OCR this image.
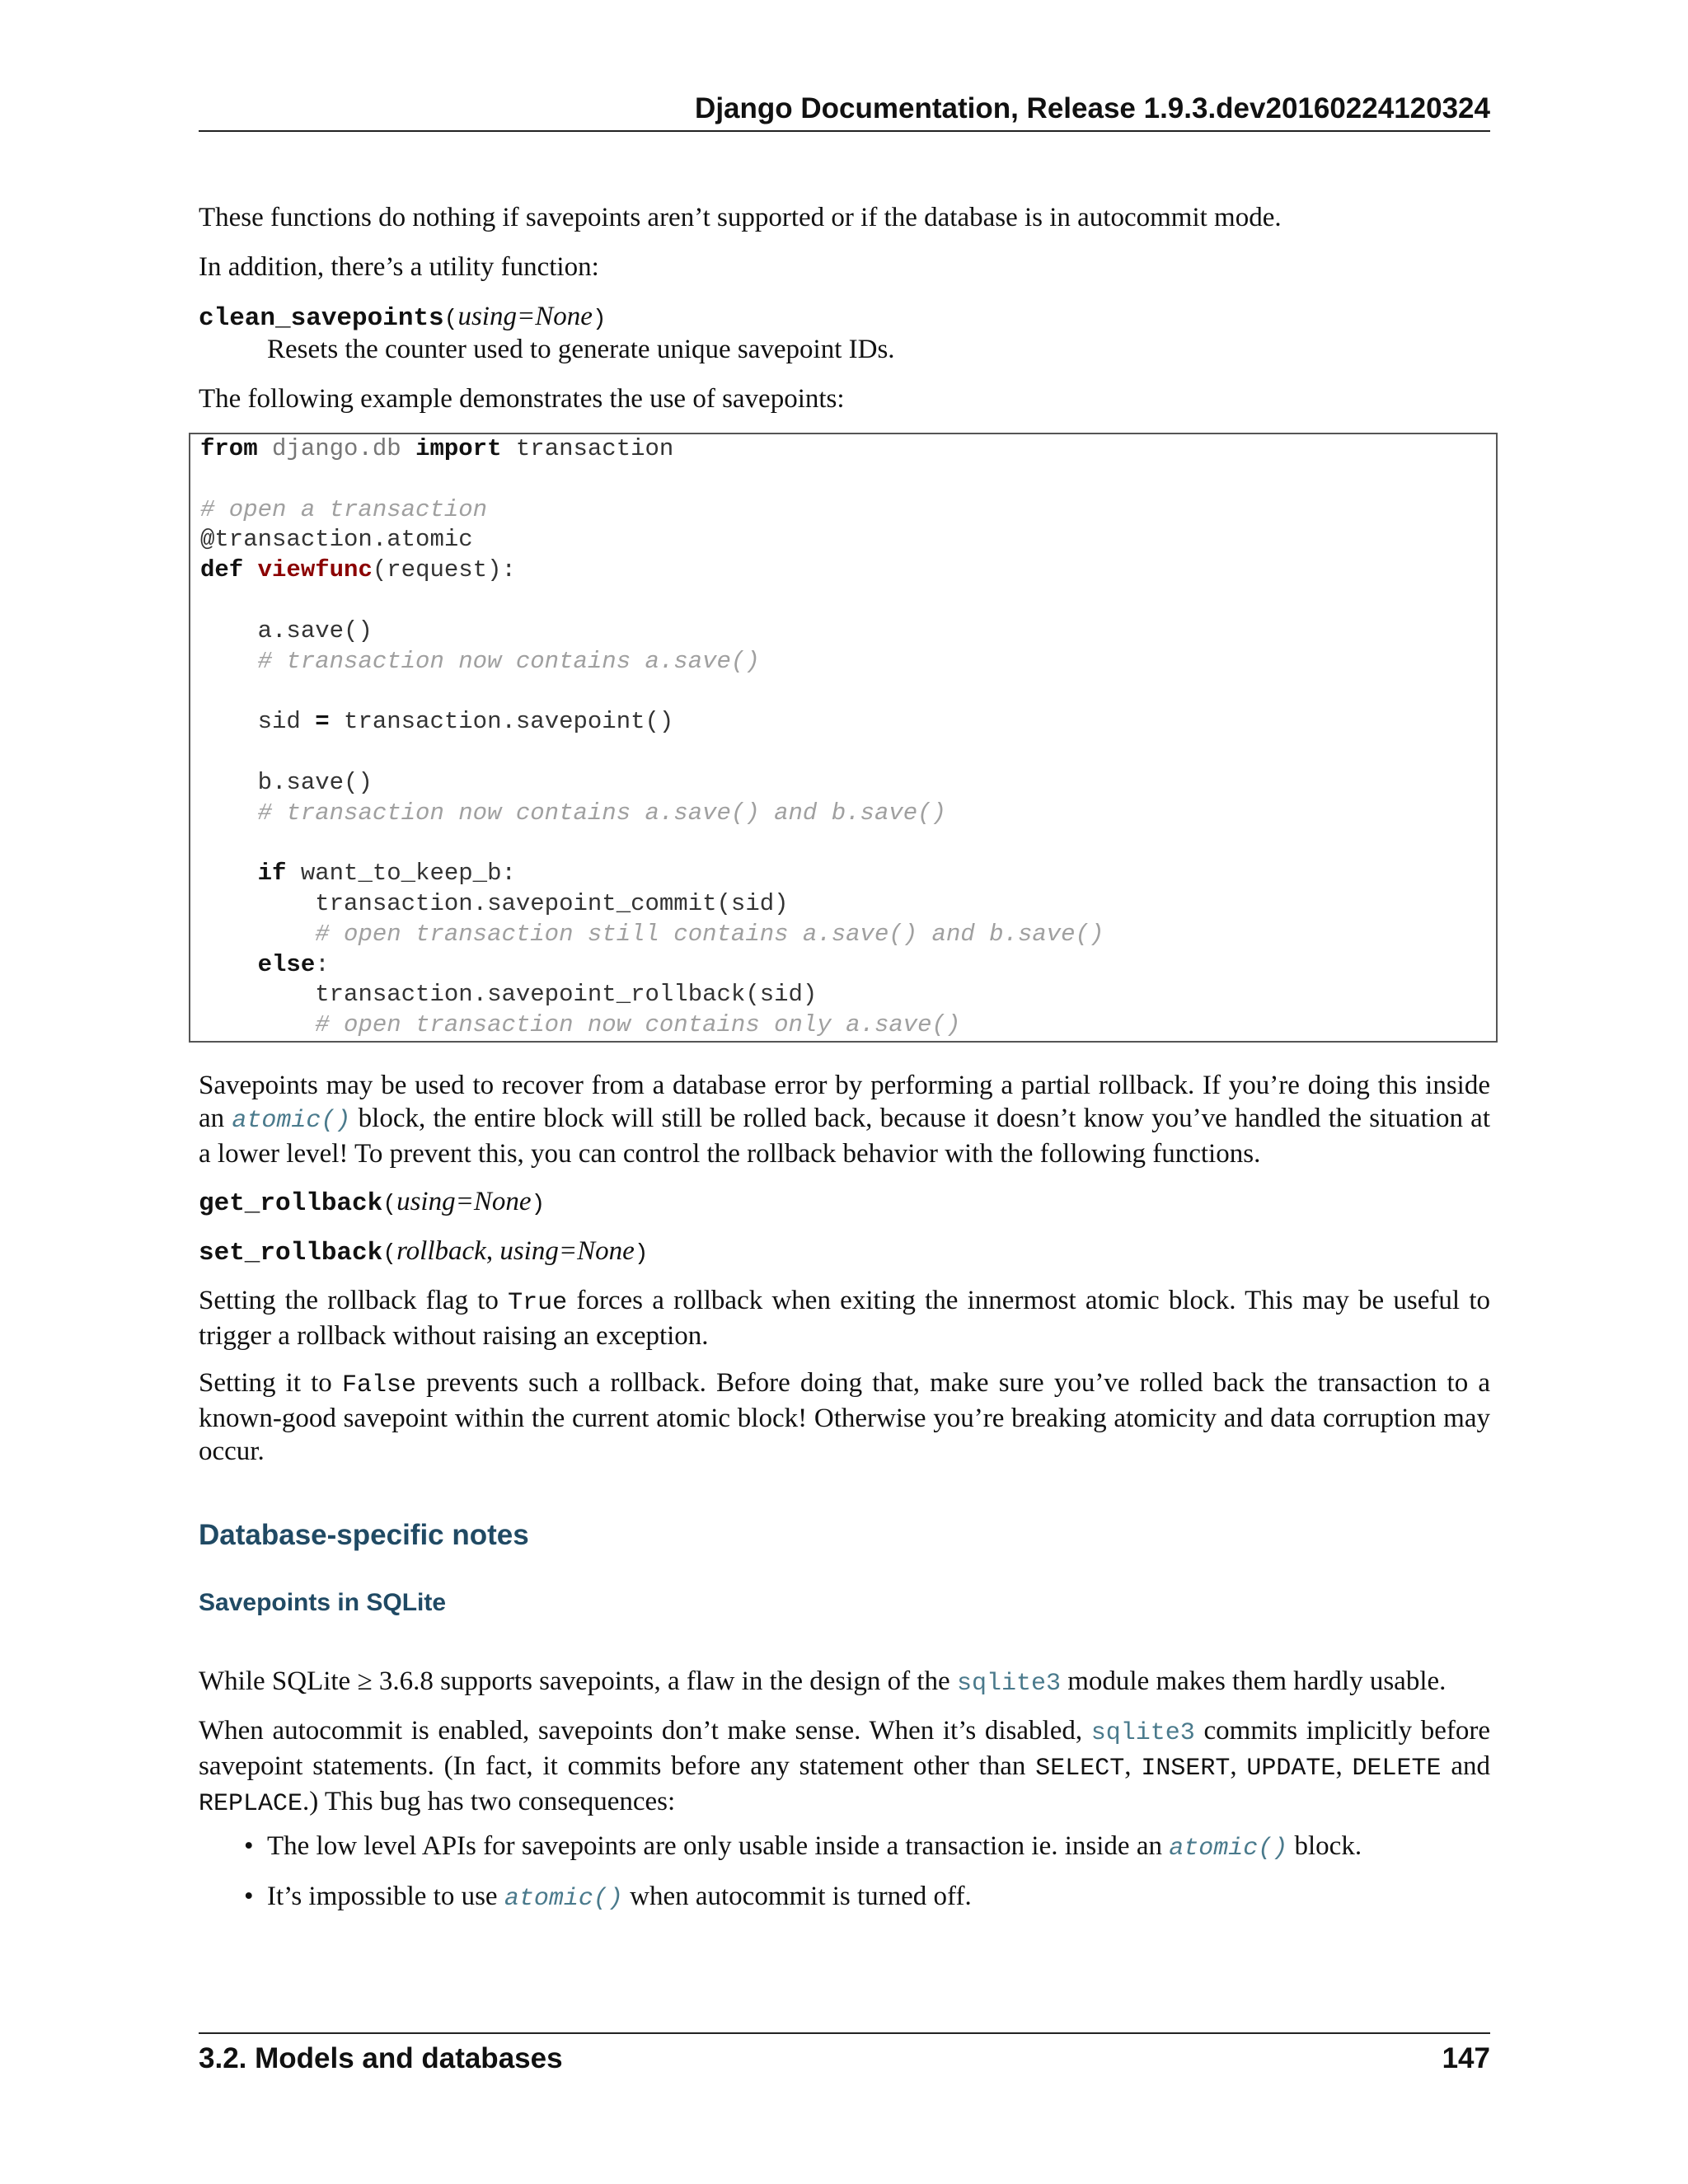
Django Documentation, Release 1.9.3.dev20160224120324
These functions do nothing if savepoints aren’t supported or if the database is in autocommit mode.
In addition, there’s a utility function:
clean_savepoints(using=None)
Resets the counter used to generate unique savepoint IDs.
The following example demonstrates the use of savepoints:
from django.db import transaction

# open a transaction
@transaction.atomic
def viewfunc(request):

a.save()
# transaction now contains a.save()

sid = transaction.savepoint()

b.save()
# transaction now contains a.save() and b.save()

if want_to_keep_b:
transaction.savepoint_commit(sid)
# open transaction still contains a.save() and b.save()
else:
transaction.savepoint_rollback(sid)
# open transaction now contains only a.save()
Savepoints may be used to recover from a database error by performing a partial rollback. If you’re doing this inside an atomic() block, the entire block will still be rolled back, because it doesn’t know you’ve handled the situation at a lower level! To prevent this, you can control the rollback behavior with the following functions.
get_rollback(using=None)
set_rollback(rollback, using=None)
Setting the rollback flag to True forces a rollback when exiting the innermost atomic block. This may be useful to trigger a rollback without raising an exception.
Setting it to False prevents such a rollback. Before doing that, make sure you’ve rolled back the transaction to a known-good savepoint within the current atomic block! Otherwise you’re breaking atomicity and data corruption may occur.
Database-specific notes
Savepoints in SQLite
While SQLite ≥ 3.6.8 supports savepoints, a flaw in the design of the sqlite3 module makes them hardly usable.
When autocommit is enabled, savepoints don’t make sense. When it’s disabled, sqlite3 commits implicitly before savepoint statements. (In fact, it commits before any statement other than SELECT, INSERT, UPDATE, DELETE and REPLACE.) This bug has two consequences:
• The low level APIs for savepoints are only usable inside a transaction ie. inside an atomic() block.
• It’s impossible to use atomic() when autocommit is turned off.
3.2. Models and databases	147
